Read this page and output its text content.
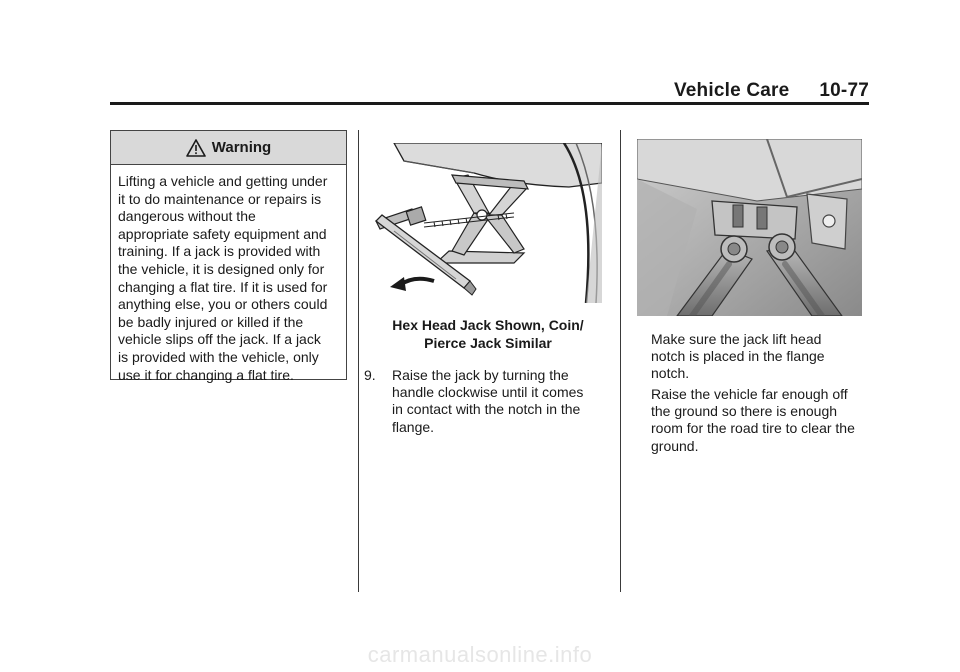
Vehicle Care 10-77
Warning
Lifting a vehicle and getting under
it to do maintenance or repairs is
dangerous without the
appropriate safety equipment and
training. If a jack is provided with
the vehicle, it is designed only for
changing a flat tire. If it is used for
anything else, you or others could
be badly injured or killed if the
vehicle slips off the jack. If a jack
is provided with the vehicle, only
use it for changing a flat tire.
Hex Head Jack Shown, Coin/
Pierce Jack Similar
9.	Raise the jack by turning the
handle clockwise until it comes
in contact with the notch in the
flange.
Make sure the jack lift head
notch is placed in the flange
notch.
Raise the vehicle far enough off
the ground so there is enough
room for the road tire to clear the
ground.
carmanualsonline.info
